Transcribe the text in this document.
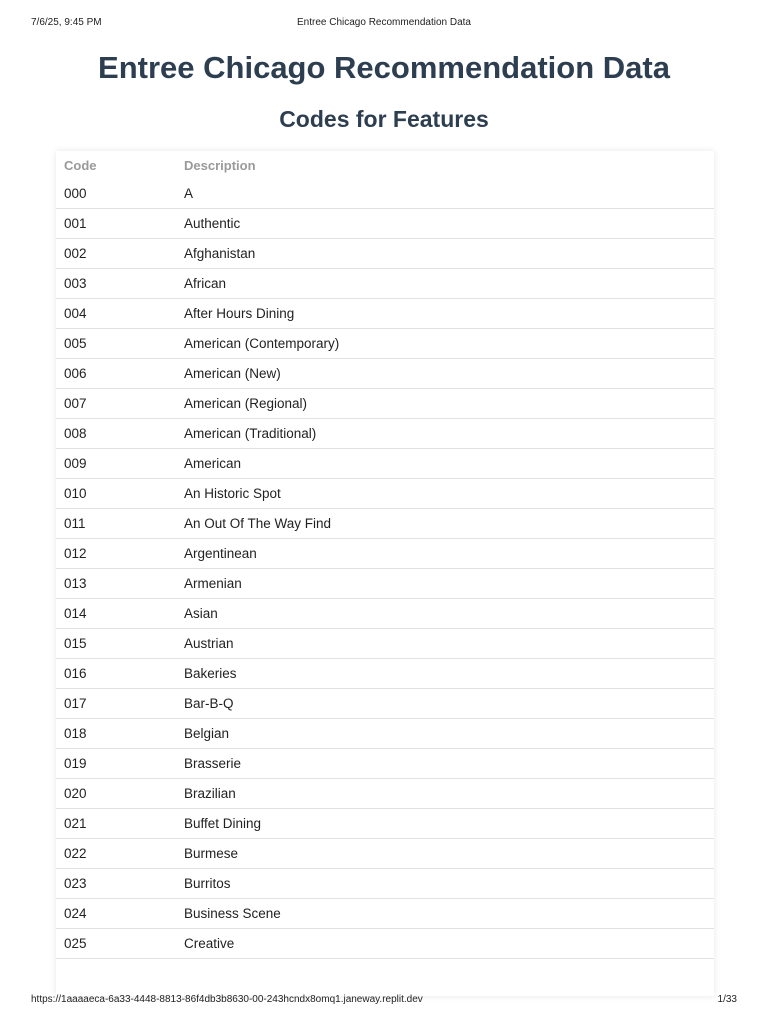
7/6/25, 9:45 PM	Entree Chicago Recommendation Data
Entree Chicago Recommendation Data
Codes for Features
Code	Description
000	A
001	Authentic
002	Afghanistan
003	African
004	After Hours Dining
005	American (Contemporary)
006	American (New)
007	American (Regional)
008	American (Traditional)
009	American
010	An Historic Spot
011	An Out Of The Way Find
012	Argentinean
013	Armenian
014	Asian
015	Austrian
016	Bakeries
017	Bar-B-Q
018	Belgian
019	Brasserie
020	Brazilian
021	Buffet Dining
022	Burmese
023	Burritos
024	Business Scene
025	Creative
https://1aaaaeca-6a33-4448-8813-86f4db3b8630-00-243hcndx8omq1.janeway.replit.dev	1/33
